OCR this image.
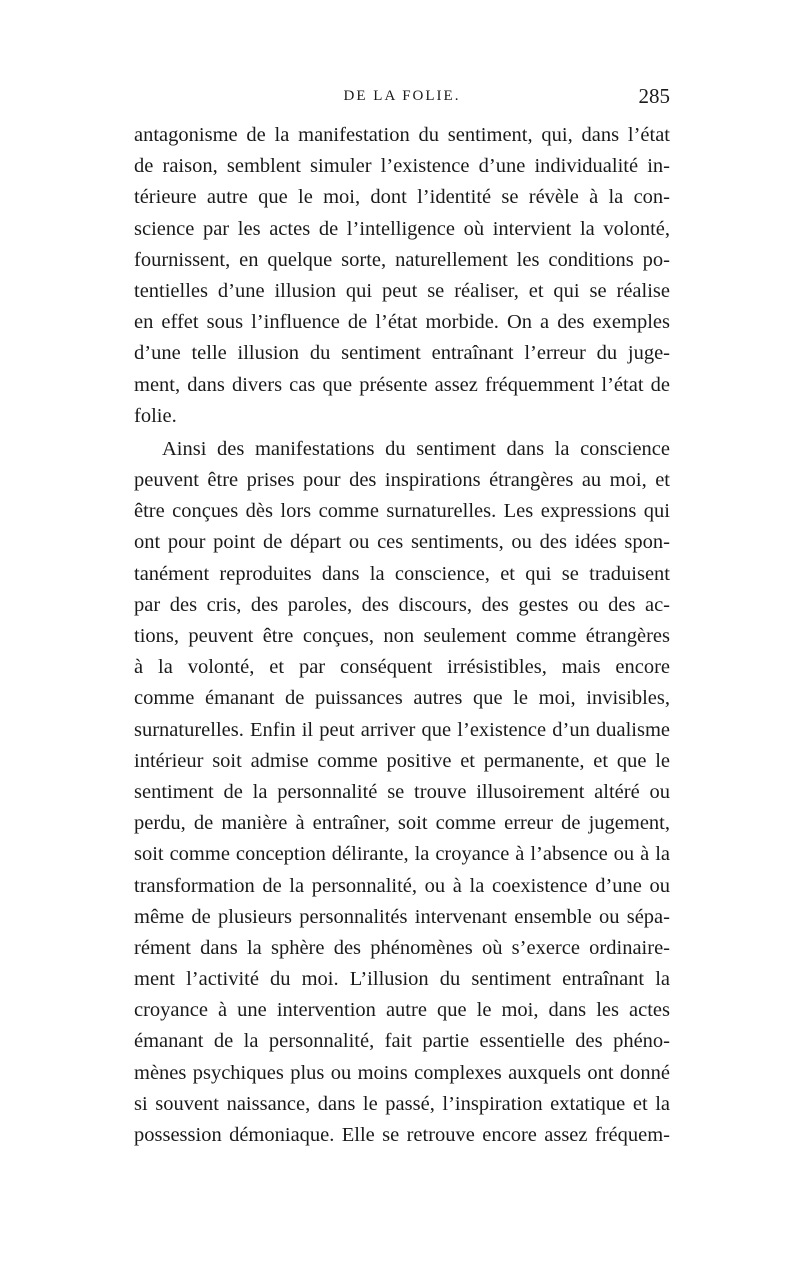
DE LA FOLIE.	285
antagonisme de la manifestation du sentiment, qui, dans l’état
de raison, semblent simuler l’existence d’une individualité in-
térieure autre que le moi, dont l’identité se révèle à la con-
science par les actes de l’intelligence où intervient la volonté,
fournissent, en quelque sorte, naturellement les conditions po-
tentielles d’une illusion qui peut se réaliser, et qui se réalise
en effet sous l’influence de l’état morbide. On a des exemples
d’une telle illusion du sentiment entraînant l’erreur du juge-
ment, dans divers cas que présente assez fréquemment l’état de
folie.
Ainsi des manifestations du sentiment dans la conscience
peuvent être prises pour des inspirations étrangères au moi, et
être conçues dès lors comme surnaturelles. Les expressions qui
ont pour point de départ ou ces sentiments, ou des idées spon-
tanément reproduites dans la conscience, et qui se traduisent
par des cris, des paroles, des discours, des gestes ou des ac-
tions, peuvent être conçues, non seulement comme étrangères
à la volonté, et par conséquent irrésistibles, mais encore
comme émanant de puissances autres que le moi, invisibles,
surnaturelles. Enfin il peut arriver que l’existence d’un dualisme
intérieur soit admise comme positive et permanente, et que le
sentiment de la personnalité se trouve illusoirement altéré ou
perdu, de manière à entraîner, soit comme erreur de jugement,
soit comme conception délirante, la croyance à l’absence ou à la
transformation de la personnalité, ou à la coexistence d’une ou
même de plusieurs personnalités intervenant ensemble ou sépa-
rément dans la sphère des phénomènes où s’exerce ordinaire-
ment l’activité du moi. L’illusion du sentiment entraînant la
croyance à une intervention autre que le moi, dans les actes
émanant de la personnalité, fait partie essentielle des phéno-
mènes psychiques plus ou moins complexes auxquels ont donné
si souvent naissance, dans le passé, l’inspiration extatique et la
possession démoniaque. Elle se retrouve encore assez fréquem-
